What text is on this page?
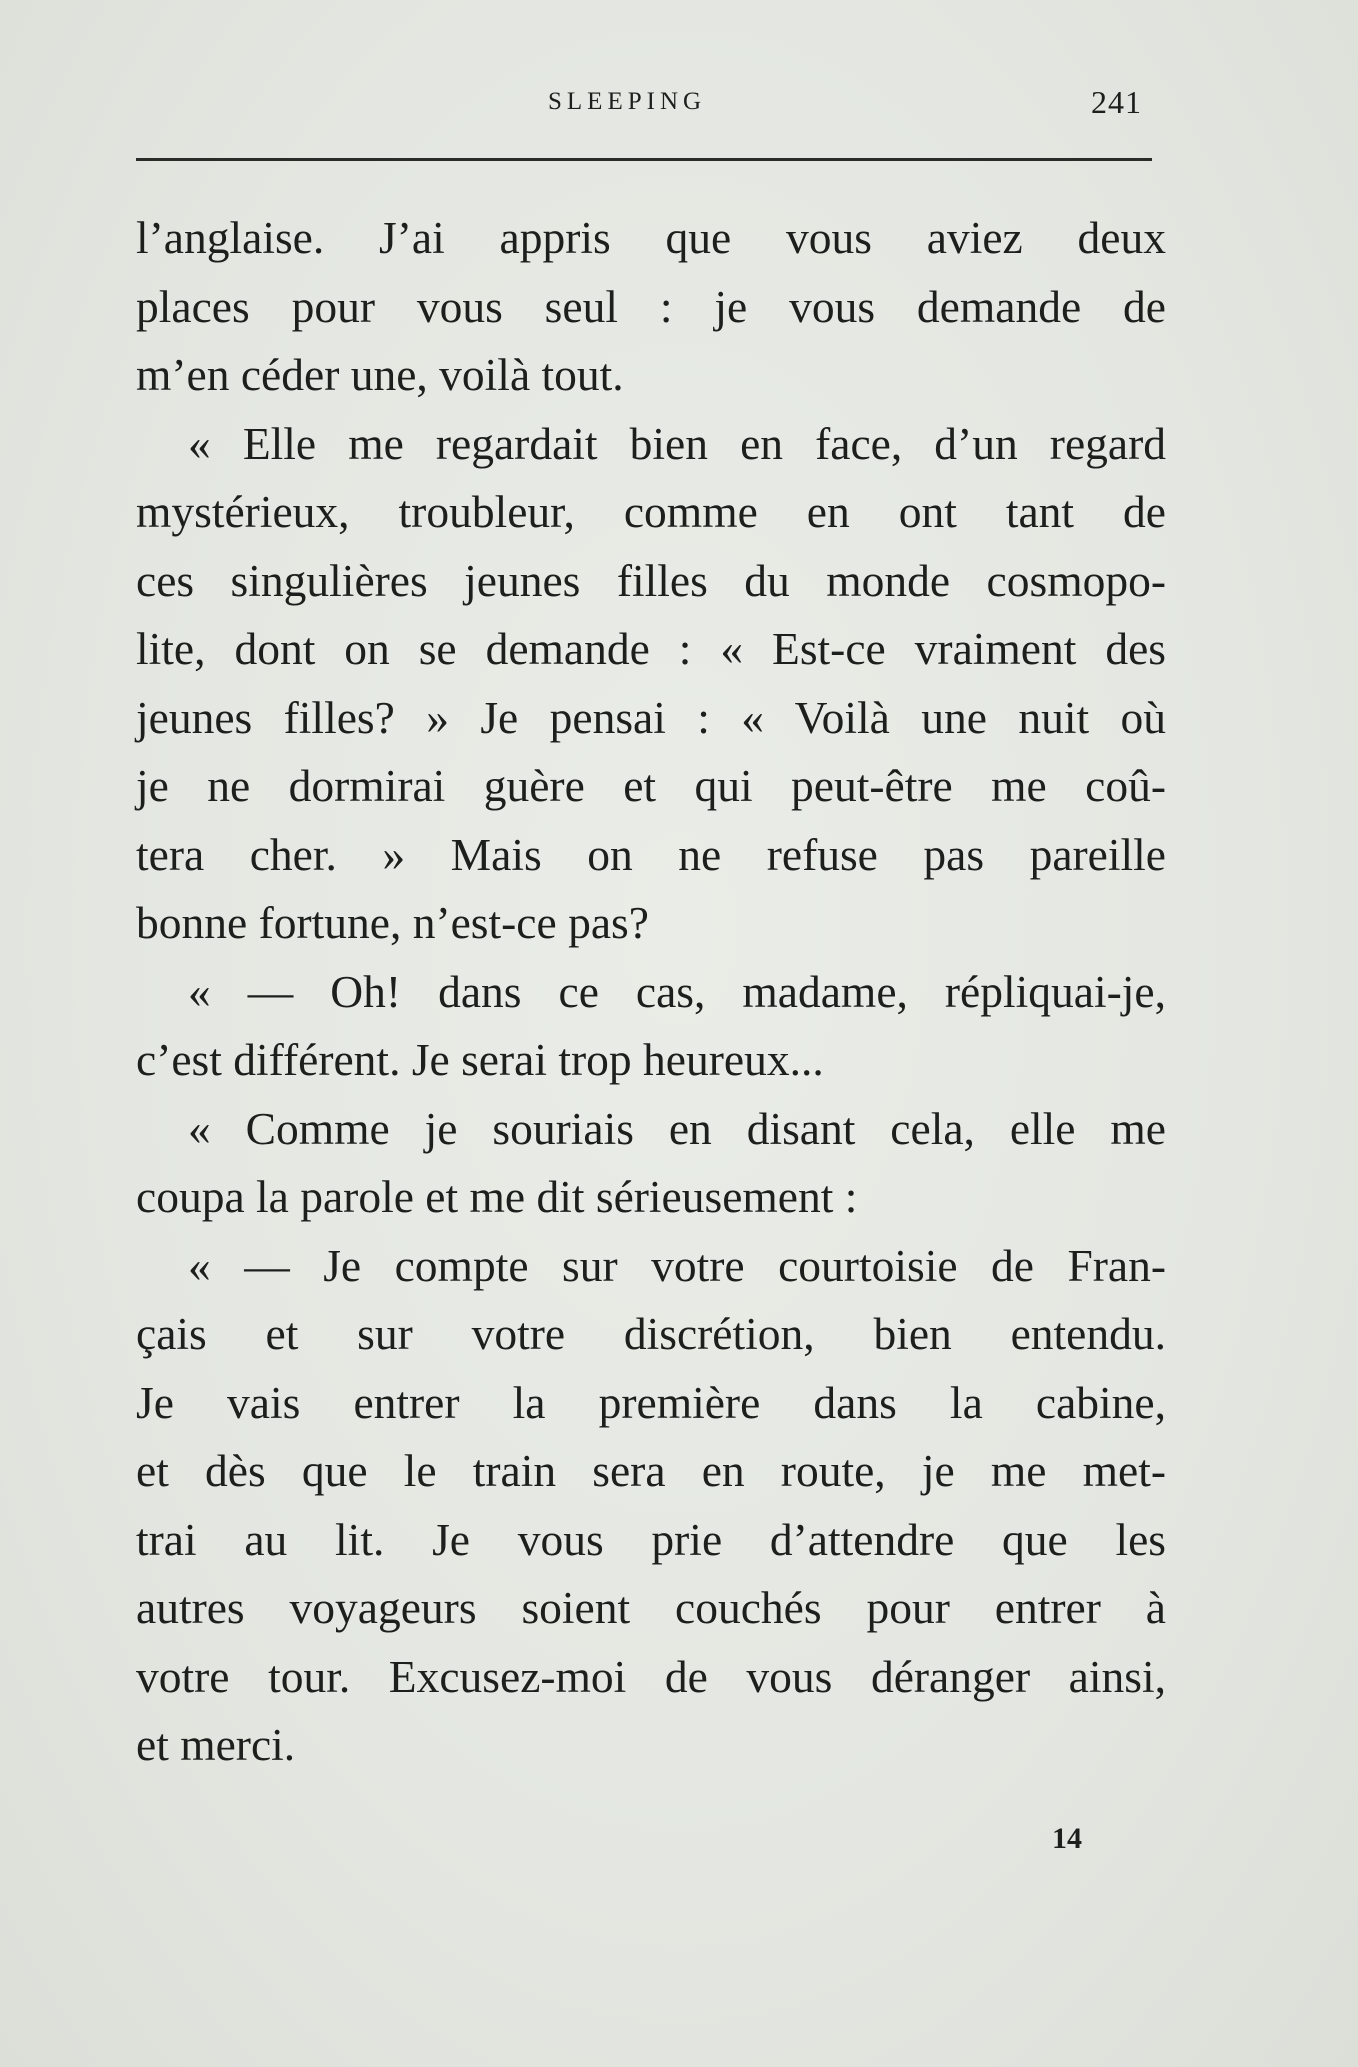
SLEEPING	241
l’anglaise. J’ai appris que vous aviez deux
places pour vous seul : je vous demande de
m’en céder une, voilà tout.
« Elle me regardait bien en face, d’un regard
mystérieux, troubleur, comme en ont tant de
ces singulières jeunes filles du monde cosmopo-
lite, dont on se demande : « Est-ce vraiment des
jeunes filles? » Je pensai : « Voilà une nuit où
je ne dormirai guère et qui peut-être me coû-
tera cher. » Mais on ne refuse pas pareille
bonne fortune, n’est-ce pas?
« — Oh! dans ce cas, madame, répliquai-je,
c’est différent. Je serai trop heureux...
« Comme je souriais en disant cela, elle me
coupa la parole et me dit sérieusement :
« — Je compte sur votre courtoisie de Fran-
çais et sur votre discrétion, bien entendu.
Je vais entrer la première dans la cabine,
et dès que le train sera en route, je me met-
trai au lit. Je vous prie d’attendre que les
autres voyageurs soient couchés pour entrer à
votre tour. Excusez-moi de vous déranger ainsi,
et merci.
14
